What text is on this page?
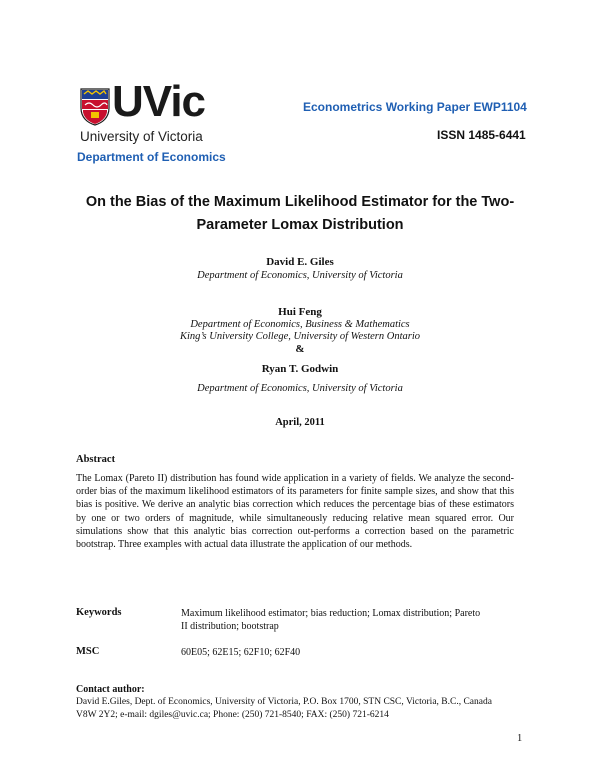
UVic
University of Victoria
Department of Economics
Econometrics Working Paper EWP1104
ISSN 1485-6441
On the Bias of the Maximum Likelihood Estimator for the Two-
Parameter Lomax Distribution
David E. Giles
Department of Economics, University of Victoria
Hui Feng
Department of Economics, Business & Mathematics
King’s University College, University of Western Ontario
&
Ryan T. Godwin
Department of Economics, University of Victoria
April, 2011
Abstract
The Lomax (Pareto II) distribution has found wide application in a variety of fields. We analyze the second-order bias of the maximum likelihood estimators of its parameters for finite sample sizes, and show that this bias is positive. We derive an analytic bias correction which reduces the percentage bias of these estimators by one or two orders of magnitude, while simultaneously reducing relative mean squared error. Our simulations show that this analytic bias correction out-performs a correction based on the parametric bootstrap. Three examples with actual data illustrate the application of our methods.
Keywords	Maximum likelihood estimator; bias reduction; Lomax distribution; Pareto
II distribution; bootstrap
MSC	60E05; 62E15; 62F10; 62F40
Contact author:
David E.Giles, Dept. of Economics, University of Victoria, P.O. Box 1700, STN CSC, Victoria, B.C., Canada
V8W 2Y2; e-mail: dgiles@uvic.ca; Phone: (250) 721-8540; FAX: (250) 721-6214
1
